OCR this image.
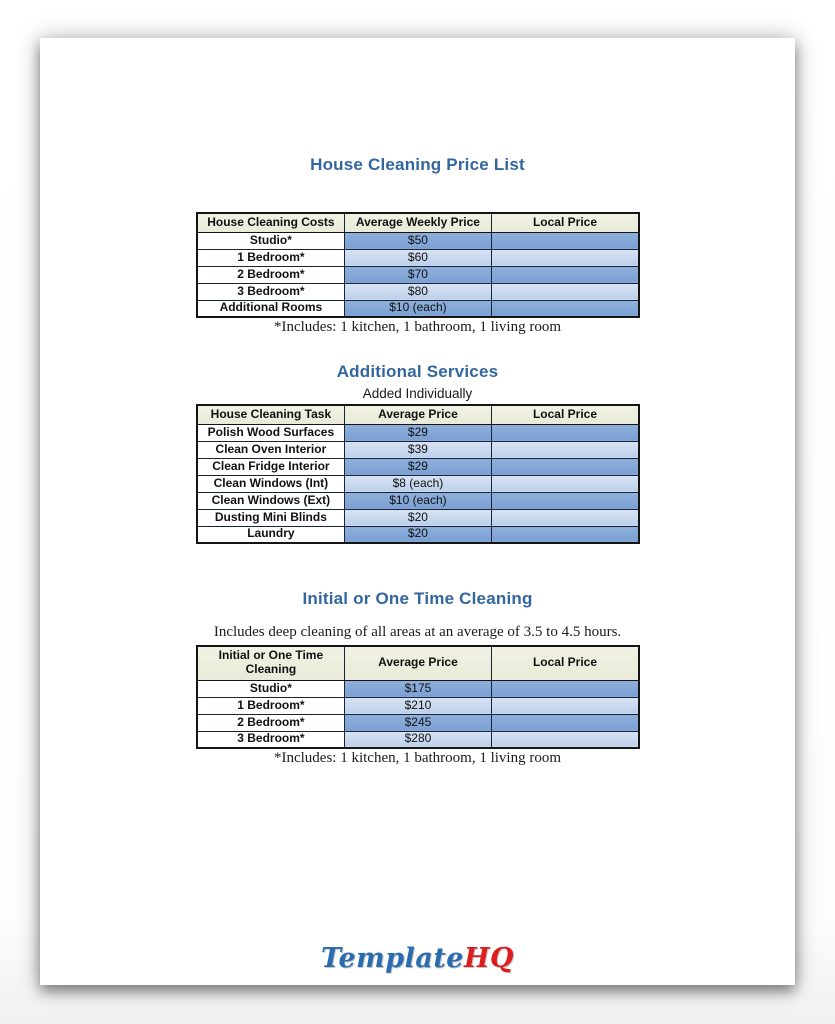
House Cleaning Price List
House Cleaning Costs	Average Weekly Price	Local Price
Studio*	$50	
1 Bedroom*	$60	
2 Bedroom*	$70	
3 Bedroom*	$80	
Additional Rooms	$10 (each)	
*Includes: 1 kitchen, 1 bathroom, 1 living room
Additional Services
Added Individually
House Cleaning Task	Average Price	Local Price
Polish Wood Surfaces	$29	
Clean Oven Interior	$39	
Clean Fridge Interior	$29	
Clean Windows (Int)	$8 (each)	
Clean Windows (Ext)	$10 (each)	
Dusting Mini Blinds	$20	
Laundry	$20	
Initial or One Time Cleaning
Includes deep cleaning of all areas at an average of 3.5 to 4.5 hours.
Initial or One Time Cleaning	Average Price	Local Price
Studio*	$175	
1 Bedroom*	$210	
2 Bedroom*	$245	
3 Bedroom*	$280	
*Includes: 1 kitchen, 1 bathroom, 1 living room
TemplateHQ
